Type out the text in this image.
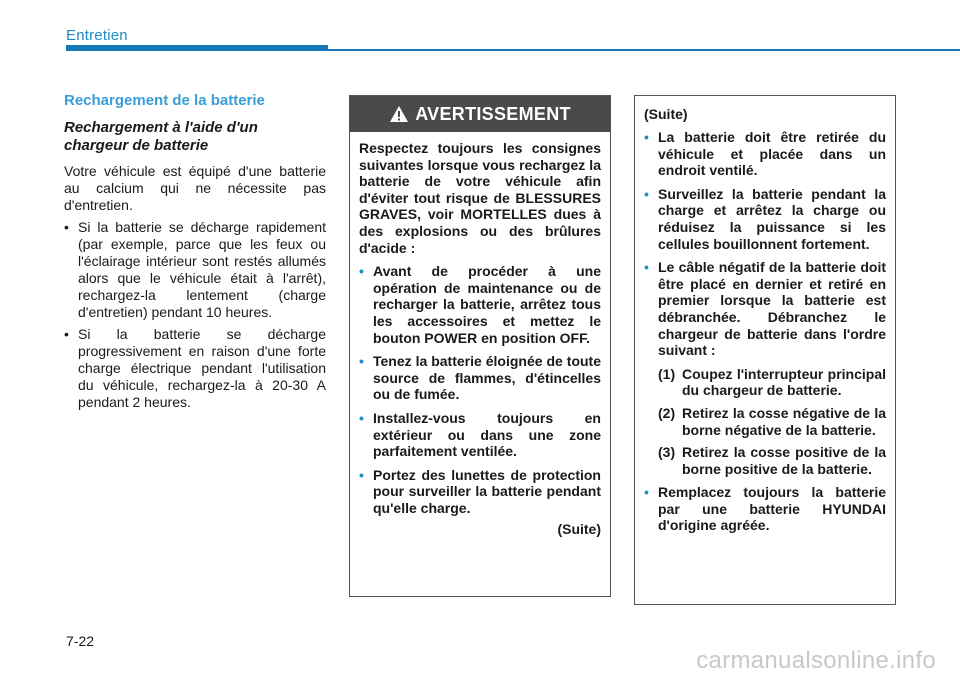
Entretien
Rechargement de la batterie
Rechargement à l'aide d'un chargeur de batterie

Votre véhicule est équipé d'une batterie au calcium qui ne nécessite pas d'entretien.

• Si la batterie se décharge rapidement (par exemple, parce que les feux ou l'éclairage intérieur sont restés allumés alors que le véhicule était à l'arrêt), rechargez-la lentement (charge d'entretien) pendant 10 heures.
• Si la batterie se décharge progressivement en raison d'une forte charge électrique pendant l'utilisation du véhicule, rechargez-la à 20-30 A pendant 2 heures.
AVERTISSEMENT

Respectez toujours les consignes suivantes lorsque vous rechargez la batterie de votre véhicule afin d'éviter tout risque de BLESSURES GRAVES, voir MORTELLES dues à des explosions ou des brûlures d'acide :

• Avant de procéder à une opération de maintenance ou de recharger la batterie, arrêtez tous les accessoires et mettez le bouton POWER en position OFF.
• Tenez la batterie éloignée de toute source de flammes, d'étincelles ou de fumée.
• Installez-vous toujours en extérieur ou dans une zone parfaitement ventilée.
• Portez des lunettes de protection pour surveiller la batterie pendant qu'elle charge.
(Suite)
(Suite)
• La batterie doit être retirée du véhicule et placée dans un endroit ventilé.
• Surveillez la batterie pendant la charge et arrêtez la charge ou réduisez la puissance si les cellules bouillonnent fortement.
• Le câble négatif de la batterie doit être placé en dernier et retiré en premier lorsque la batterie est débranchée. Débranchez le chargeur de batterie dans l'ordre suivant :
(1) Coupez l'interrupteur principal du chargeur de batterie.
(2) Retirez la cosse négative de la borne négative de la batterie.
(3) Retirez la cosse positive de la borne positive de la batterie.
• Remplacez toujours la batterie par une batterie HYUNDAI d'origine agréée.
7-22
carmanualsonline.info
